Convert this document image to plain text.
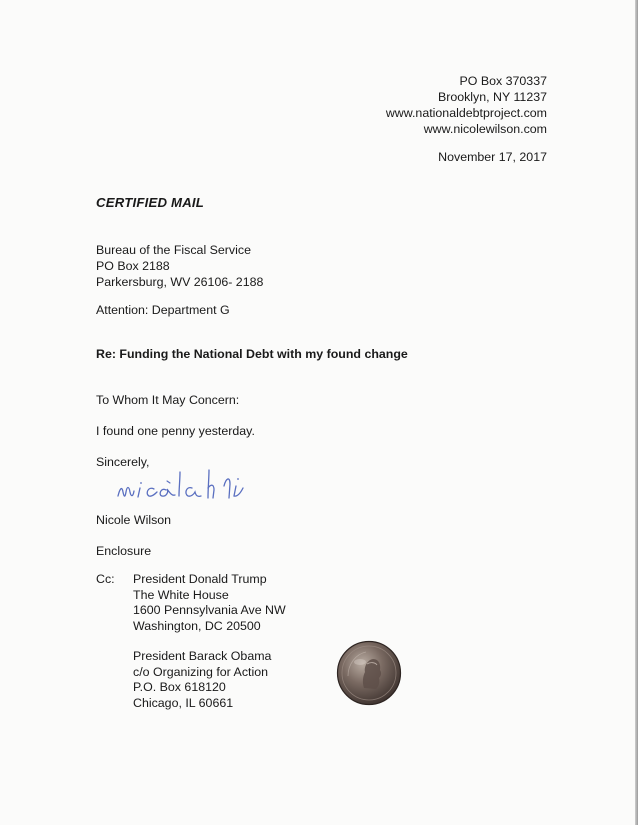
PO Box 370337
Brooklyn, NY 11237
www.nationaldebtproject.com
www.nicolewilson.com
November 17, 2017
CERTIFIED MAIL
Bureau of the Fiscal Service
PO Box 2188
Parkersburg, WV 26106- 2188
Attention: Department G
Re: Funding the National Debt with my found change
To Whom It May Concern:
I found one penny yesterday.
Sincerely,
Nicole Wilson
Enclosure
Cc: President Donald Trump
The White House
1600 Pennsylvania Ave NW
Washington, DC 20500
President Barack Obama
c/o Organizing for Action
P.O. Box 618120
Chicago, IL 60661
